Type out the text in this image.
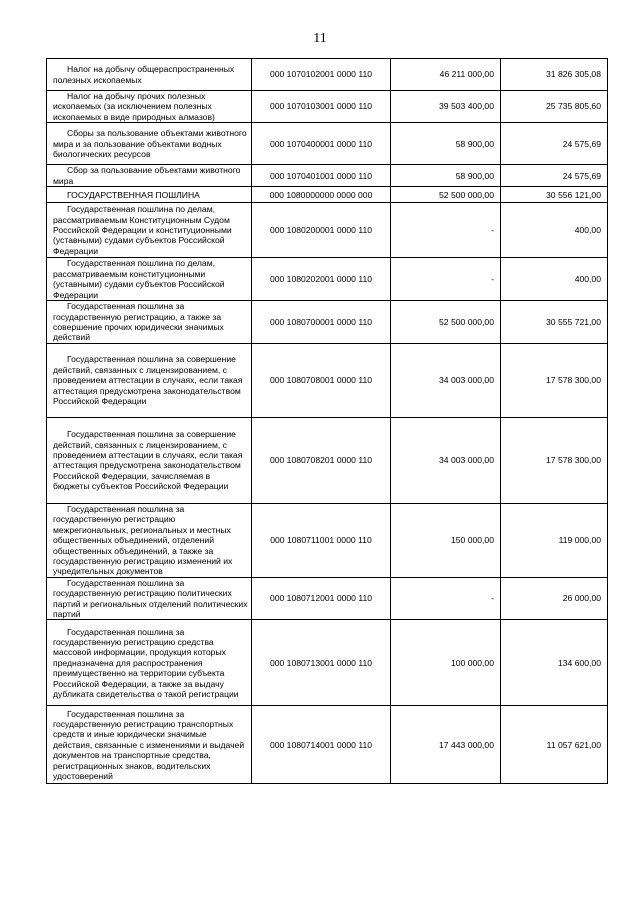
11
Налог на добычу общераспространенных полезных ископаемых	000 1070102001 0000 110	46 211 000,00	31 826 305,08
Налог на добычу прочих полезных ископаемых (за исключением полезных ископаемых в виде природных алмазов)	000 1070103001 0000 110	39 503 400,00	25 735 805,60
Сборы за пользование объектами животного мира и за пользование объектами водных биологических ресурсов	000 1070400001 0000 110	58 900,00	24 575,69
Сбор за пользование объектами животного мира	000 1070401001 0000 110	58 900,00	24 575,69
ГОСУДАРСТВЕННАЯ ПОШЛИНА	000 1080000000 0000 000	52 500 000,00	30 556 121,00
Государственная пошлина по делам, рассматриваемым Конституционным Судом Российской Федерации и конституционными (уставными) судами субъектов Российской Федерации	000 1080200001 0000 110	-	400,00
Государственная пошлина по делам, рассматриваемым конституционными (уставными) судами субъектов Российской Федерации	000 1080202001 0000 110	-	400,00
Государственная пошлина за государственную регистрацию, а также за совершение прочих юридически значимых действий	000 1080700001 0000 110	52 500 000,00	30 555 721,00
Государственная пошлина за совершение действий, связанных с лицензированием, с проведением аттестации в случаях, если такая аттестация предусмотрена законодательством Российской Федерации	000 1080708001 0000 110	34 003 000,00	17 578 300,00
Государственная пошлина за совершение действий, связанных с лицензированием, с проведением аттестации в случаях, если такая аттестация предусмотрена законодательством Российской Федерации, зачисляемая в бюджеты субъектов Российской Федерации	000 1080708201 0000 110	34 003 000,00	17 578 300,00
Государственная пошлина за государственную регистрацию межрегиональных, региональных и местных общественных объединений, отделений общественных объединений, а также за государственную регистрацию изменений их учредительных документов	000 1080711001 0000 110	150 000,00	119 000,00
Государственная пошлина за государственную регистрацию политических партий и региональных отделений политических партий	000 1080712001 0000 110	-	26 000,00
Государственная пошлина за государственную регистрацию средства массовой информации, продукция которых предназначена для распространения преимущественно на территории субъекта Российской Федерации, а также за выдачу дубликата свидетельства о такой регистрации	000 1080713001 0000 110	100 000,00	134 600,00
Государственная пошлина за государственную регистрацию транспортных средств и иные юридически значимые действия, связанные с изменениями и выдачей документов на транспортные средства, регистрационных знаков, водительских удостоверений	000 1080714001 0000 110	17 443 000,00	11 057 621,00
